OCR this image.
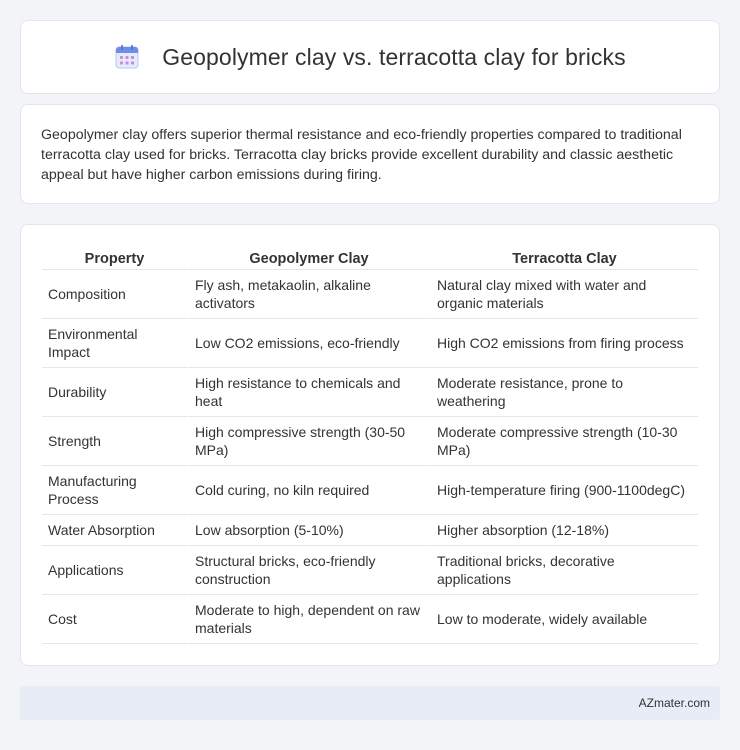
Geopolymer clay vs. terracotta clay for bricks

Geopolymer clay offers superior thermal resistance and eco-friendly properties compared to traditional terracotta clay used for bricks. Terracotta clay bricks provide excellent durability and classic aesthetic appeal but have higher carbon emissions during firing.

Property	Geopolymer Clay	Terracotta Clay
Composition	Fly ash, metakaolin, alkaline activators	Natural clay mixed with water and organic materials
Environmental Impact	Low CO2 emissions, eco-friendly	High CO2 emissions from firing process
Durability	High resistance to chemicals and heat	Moderate resistance, prone to weathering
Strength	High compressive strength (30-50 MPa)	Moderate compressive strength (10-30 MPa)
Manufacturing Process	Cold curing, no kiln required	High-temperature firing (900-1100degC)
Water Absorption	Low absorption (5-10%)	Higher absorption (12-18%)
Applications	Structural bricks, eco-friendly construction	Traditional bricks, decorative applications
Cost	Moderate to high, dependent on raw materials	Low to moderate, widely available
AZmater.com
